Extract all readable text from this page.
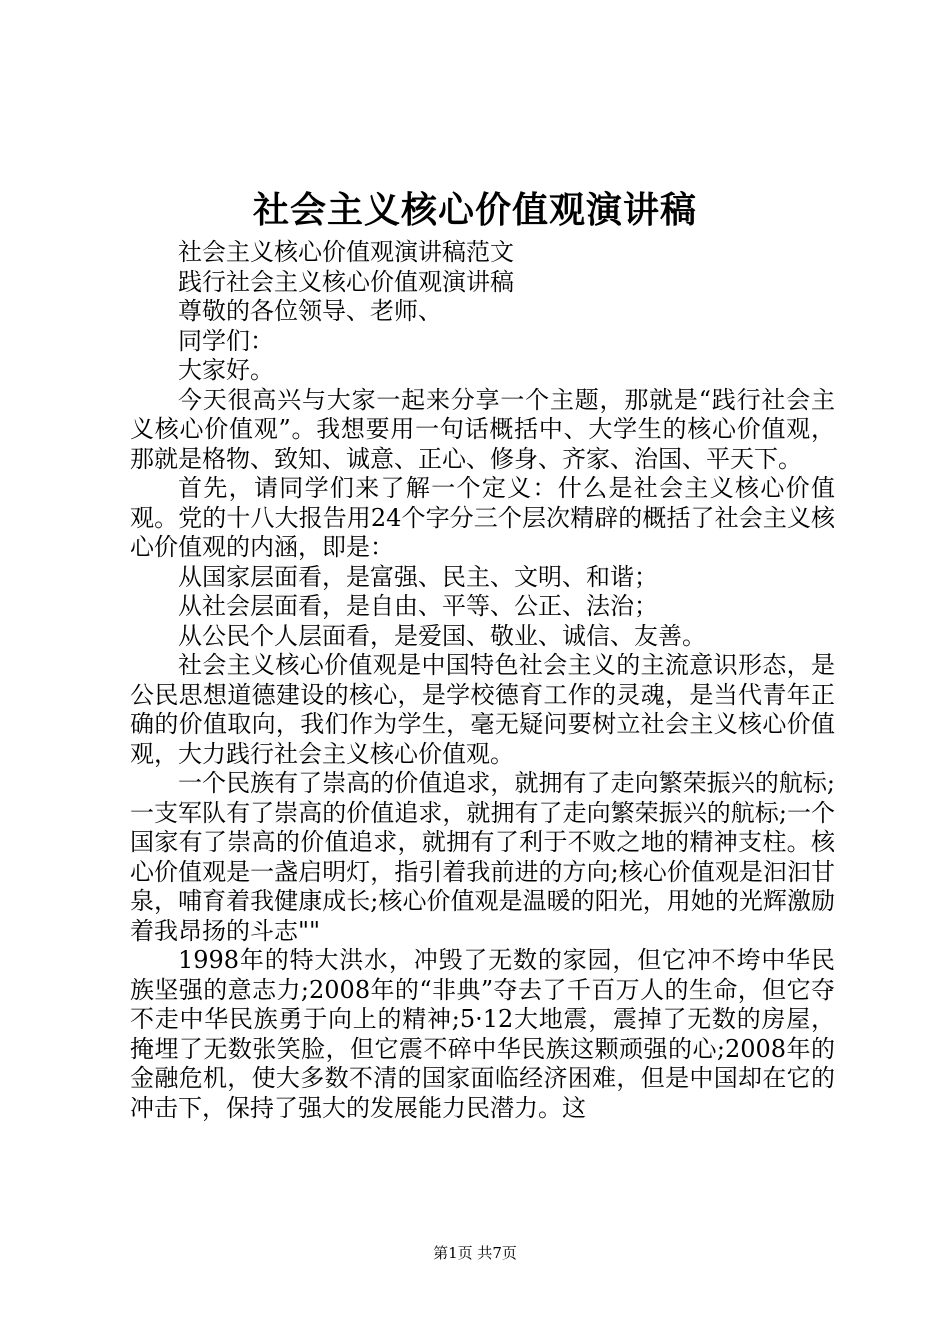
社会主义核心价值观演讲稿

社会主义核心价值观演讲稿范文

践行社会主义核心价值观演讲稿

尊敬的各位领导、老师、

同学们：

大家好。

今天很高兴与大家一起来分享一个主题，那就是“践行社会主义核心价值观”。我想要用一句话概括中、大学生的核心价值观，那就是格物、致知、诚意、正心、修身、齐家、治国、平天下。

首先，请同学们来了解一个定义：什么是社会主义核心价值观。党的十八大报告用24个字分三个层次精辟的概括了社会主义核心价值观的内涵，即是：

从国家层面看，是富强、民主、文明、和谐；

从社会层面看，是自由、平等、公正、法治；

从公民个人层面看，是爱国、敬业、诚信、友善。

社会主义核心价值观是中国特色社会主义的主流意识形态，是公民思想道德建设的核心，是学校德育工作的灵魂，是当代青年正确的价值取向，我们作为学生，毫无疑问要树立社会主义核心价值观，大力践行社会主义核心价值观。

一个民族有了崇高的价值追求，就拥有了走向繁荣振兴的航标;一支军队有了崇高的价值追求，就拥有了走向繁荣振兴的航标;一个国家有了崇高的价值追求，就拥有了利于不败之地的精神支柱。核心价值观是一盏启明灯，指引着我前进的方向;核心价值观是汩汩甘泉，哺育着我健康成长;核心价值观是温暖的阳光，用她的光辉激励着我昂扬的斗志""

1998年的特大洪水，冲毁了无数的家园，但它冲不垮中华民族坚强的意志力;2008年的“非典”夺去了千百万人的生命，但它夺不走中华民族勇于向上的精神;5·12大地震，震掉了无数的房屋，掩埋了无数张笑脸，但它震不碎中华民族这颗顽强的心;2008年的金融危机，使大多数不清的国家面临经济困难，但是中国却在它的冲击下，保持了强大的发展能力民潜力。这

第1页 共7页
